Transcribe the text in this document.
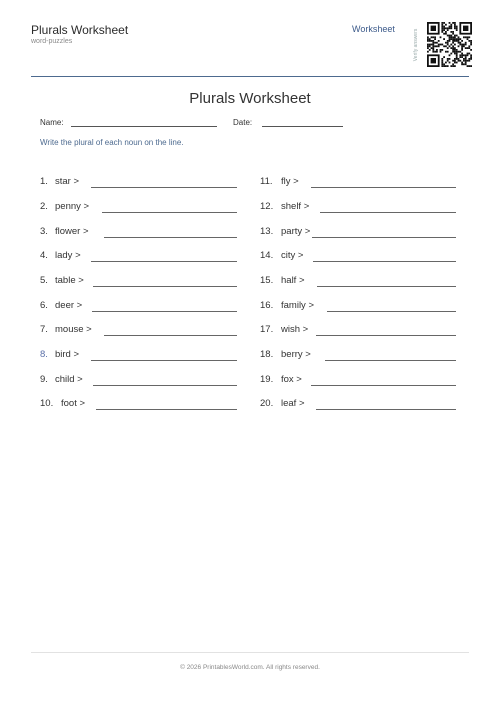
Plurals Worksheet
word-puzzles
Worksheet	Verify answers
Plurals Worksheet
Name:	Date:
Write the plural of each noun on the line.
1. star >
2. penny >
3. flower >
4. lady >
5. table >
6. deer >
7. mouse >
8. bird >
9. child >
10. foot >
11. fly >
12. shelf >
13. party >
14. city >
15. half >
16. family >
17. wish >
18. berry >
19. fox >
20. leaf >
© 2026 PrintablesWorld.com. All rights reserved.
